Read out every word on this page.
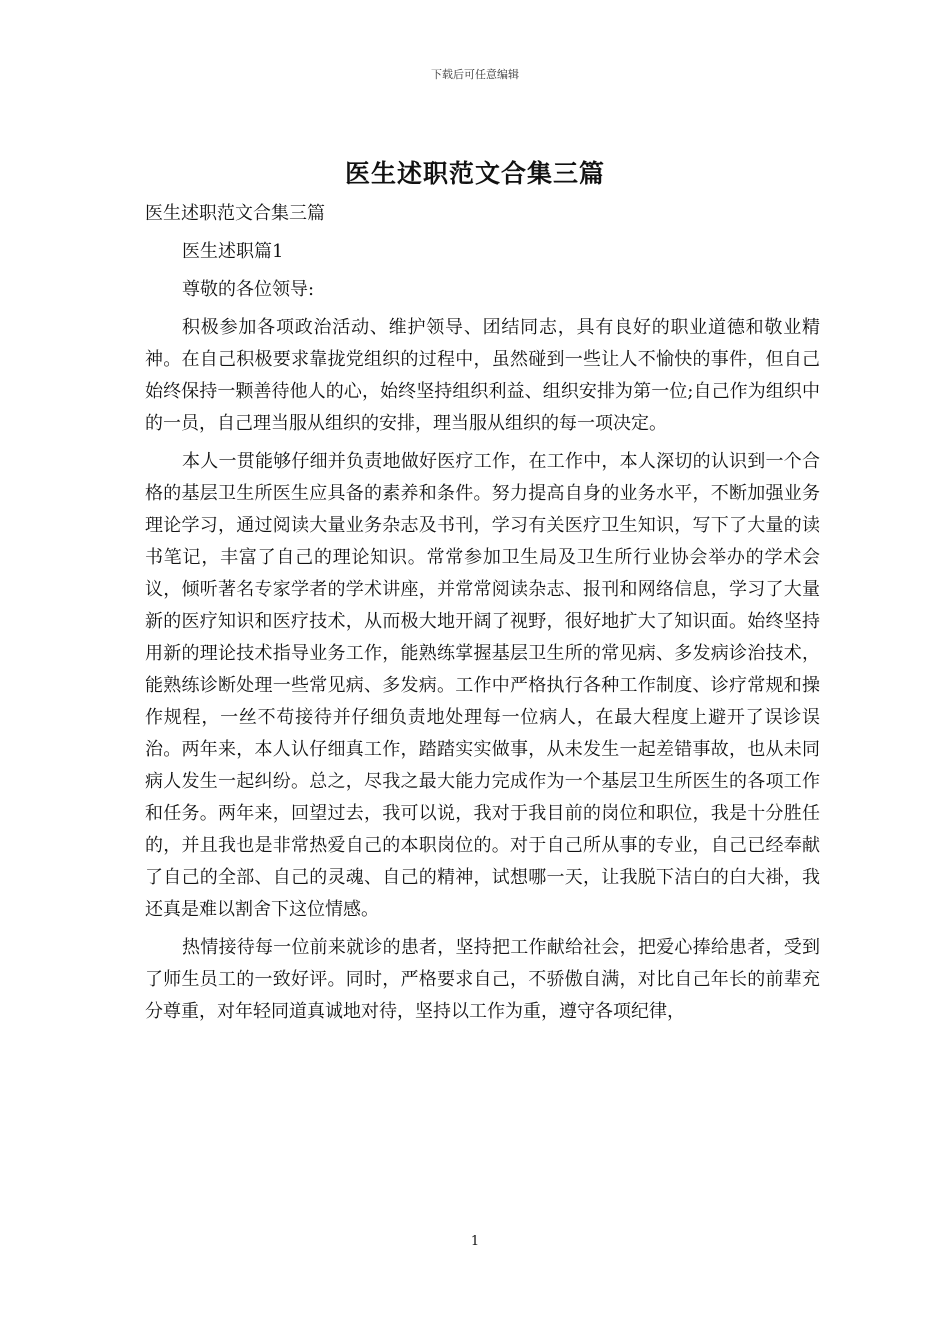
下载后可任意编辑
医生述职范文合集三篇

医生述职范文合集三篇

医生述职篇1

尊敬的各位领导:

积极参加各项政治活动、维护领导、团结同志，具有良好的职业道德和敬业精神。在自己积极要求靠拢党组织的过程中，虽然碰到一些让人不愉快的事件，但自己始终保持一颗善待他人的心，始终坚持组织利益、组织安排为第一位;自己作为组织中的一员，自己理当服从组织的安排，理当服从组织的每一项决定。

本人一贯能够仔细并负责地做好医疗工作，在工作中，本人深切的认识到一个合格的基层卫生所医生应具备的素养和条件。努力提高自身的业务水平，不断加强业务理论学习，通过阅读大量业务杂志及书刊，学习有关医疗卫生知识，写下了大量的读书笔记，丰富了自己的理论知识。常常参加卫生局及卫生所行业协会举办的学术会议，倾听著名专家学者的学术讲座，并常常阅读杂志、报刊和网络信息，学习了大量新的医疗知识和医疗技术，从而极大地开阔了视野，很好地扩大了知识面。始终坚持用新的理论技术指导业务工作，能熟练掌握基层卫生所的常见病、多发病诊治技术，能熟练诊断处理一些常见病、多发病。工作中严格执行各种工作制度、诊疗常规和操作规程，一丝不苟接待并仔细负责地处理每一位病人，在最大程度上避开了误诊误治。两年来，本人认仔细真工作，踏踏实实做事，从未发生一起差错事故，也从未同病人发生一起纠纷。总之，尽我之最大能力完成作为一个基层卫生所医生的各项工作和任务。两年来，回望过去，我可以说，我对于我目前的岗位和职位，我是十分胜任的，并且我也是非常热爱自己的本职岗位的。对于自己所从事的专业，自己已经奉献了自己的全部、自己的灵魂、自己的精神，试想哪一天，让我脱下洁白的白大褂，我还真是难以割舍下这位情感。

热情接待每一位前来就诊的患者，坚持把工作献给社会，把爱心捧给患者，受到了师生员工的一致好评。同时，严格要求自己，不骄傲自满，对比自己年长的前辈充分尊重，对年轻同道真诚地对待，坚持以工作为重，遵守各项纪律，

1
